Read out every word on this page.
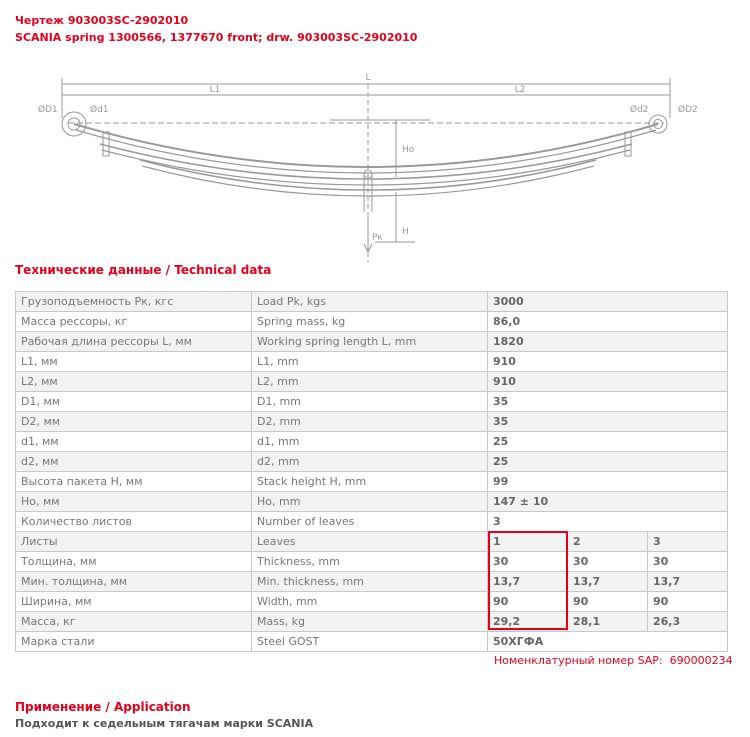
Чертеж 903003SC-2902010
SCANIA spring 1300566, 1377670 front; drw. 903003SC-2902010
L
L1	L2
Ho
H
Pк
ØD1	Ød1	Ød2	ØD2
Технические данные / Technical data
Грузоподъемность Pк, кгс	Load Pk, kgs	3000		
Масса рессоры, кг	Spring mass, kg	86,0		
Рабочая длина рессоры L, мм	Working spring length L, mm	1820		
L1, мм	L1, mm	910		
L2, мм	L2, mm	910		
D1, мм	D1, mm	35		
D2, мм	D2, mm	35		
d1, мм	d1, mm	25		
d2, мм	d2, mm	25		
Высота пакета H, мм	Stack height H, mm	99		
Ho, мм	Ho, mm	147 ± 10		
Количество листов	Number of leaves	3		
Листы	Leaves	1	2	3
Толщина, мм	Thickness, mm	30	30	30
Мин. толщина, мм	Min. thickness, mm	13,7	13,7	13,7
Ширина, мм	Width, mm	90	90	90
Масса, кг	Mass, kg	29,2	28,1	26,3
Марка стали	Steel GOST	50ХГФА		
Номенклатурный номер SAP: 690000234
Применение / Application
Подходит к седельным тягачам марки SCANIA
